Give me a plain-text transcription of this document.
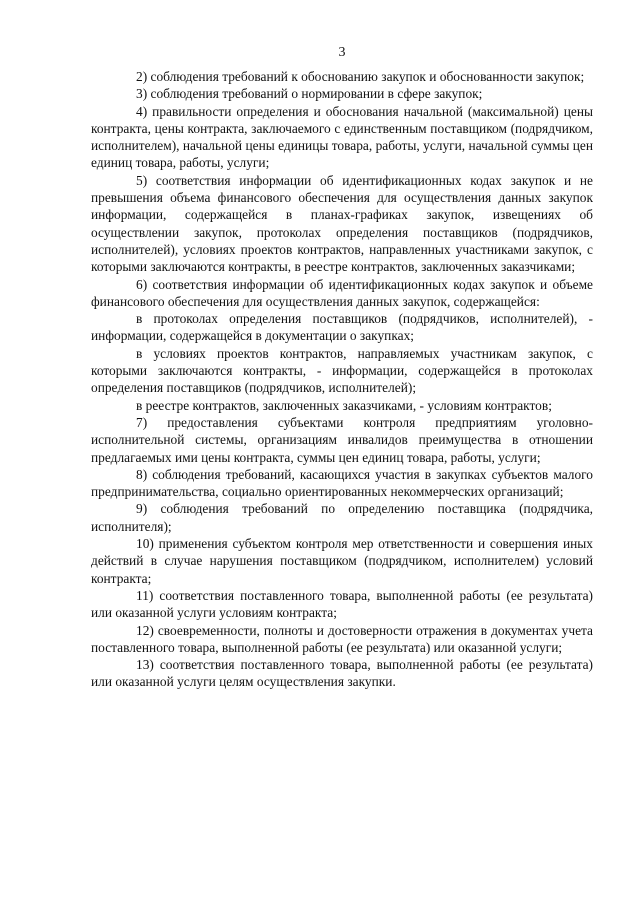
3

2) соблюдения требований к обоснованию закупок и обоснованности закупок;

3) соблюдения требований о нормировании в сфере закупок;

4) правильности определения и обоснования начальной (максимальной) цены контракта, цены контракта, заключаемого с единственным поставщиком (подрядчиком, исполнителем), начальной цены единицы товара, работы, услуги, начальной суммы цен единиц товара, работы, услуги;

5) соответствия информации об идентификационных кодах закупок и не превышения объема финансового обеспечения для осуществления данных закупок информации, содержащейся в планах-графиках закупок, извещениях об осуществлении закупок, протоколах определения поставщиков (подрядчиков, исполнителей), условиях проектов контрактов, направленных участниками закупок, с которыми заключаются контракты, в реестре контрактов, заключенных заказчиками;

6) соответствия информации об идентификационных кодах закупок и объеме финансового обеспечения для осуществления данных закупок, содержащейся:

в протоколах определения поставщиков (подрядчиков, исполнителей), - информации, содержащейся в документации о закупках;

в условиях проектов контрактов, направляемых участникам закупок, с которыми заключаются контракты, - информации, содержащейся в протоколах определения поставщиков (подрядчиков, исполнителей);

в реестре контрактов, заключенных заказчиками, - условиям контрактов;

7) предоставления субъектами контроля предприятиям уголовно-исполнительной системы, организациям инвалидов преимущества в отношении предлагаемых ими цены контракта, суммы цен единиц товара, работы, услуги;

8) соблюдения требований, касающихся участия в закупках субъектов малого предпринимательства, социально ориентированных некоммерческих организаций;

9) соблюдения требований по определению поставщика (подрядчика, исполнителя);

10) применения субъектом контроля мер ответственности и совершения иных действий в случае нарушения поставщиком (подрядчиком, исполнителем) условий контракта;

11) соответствия поставленного товара, выполненной работы (ее результата) или оказанной услуги условиям контракта;

12) своевременности, полноты и достоверности отражения в документах учета поставленного товара, выполненной работы (ее результата) или оказанной услуги;

13) соответствия поставленного товара, выполненной работы (ее результата) или оказанной услуги целям осуществления закупки.
